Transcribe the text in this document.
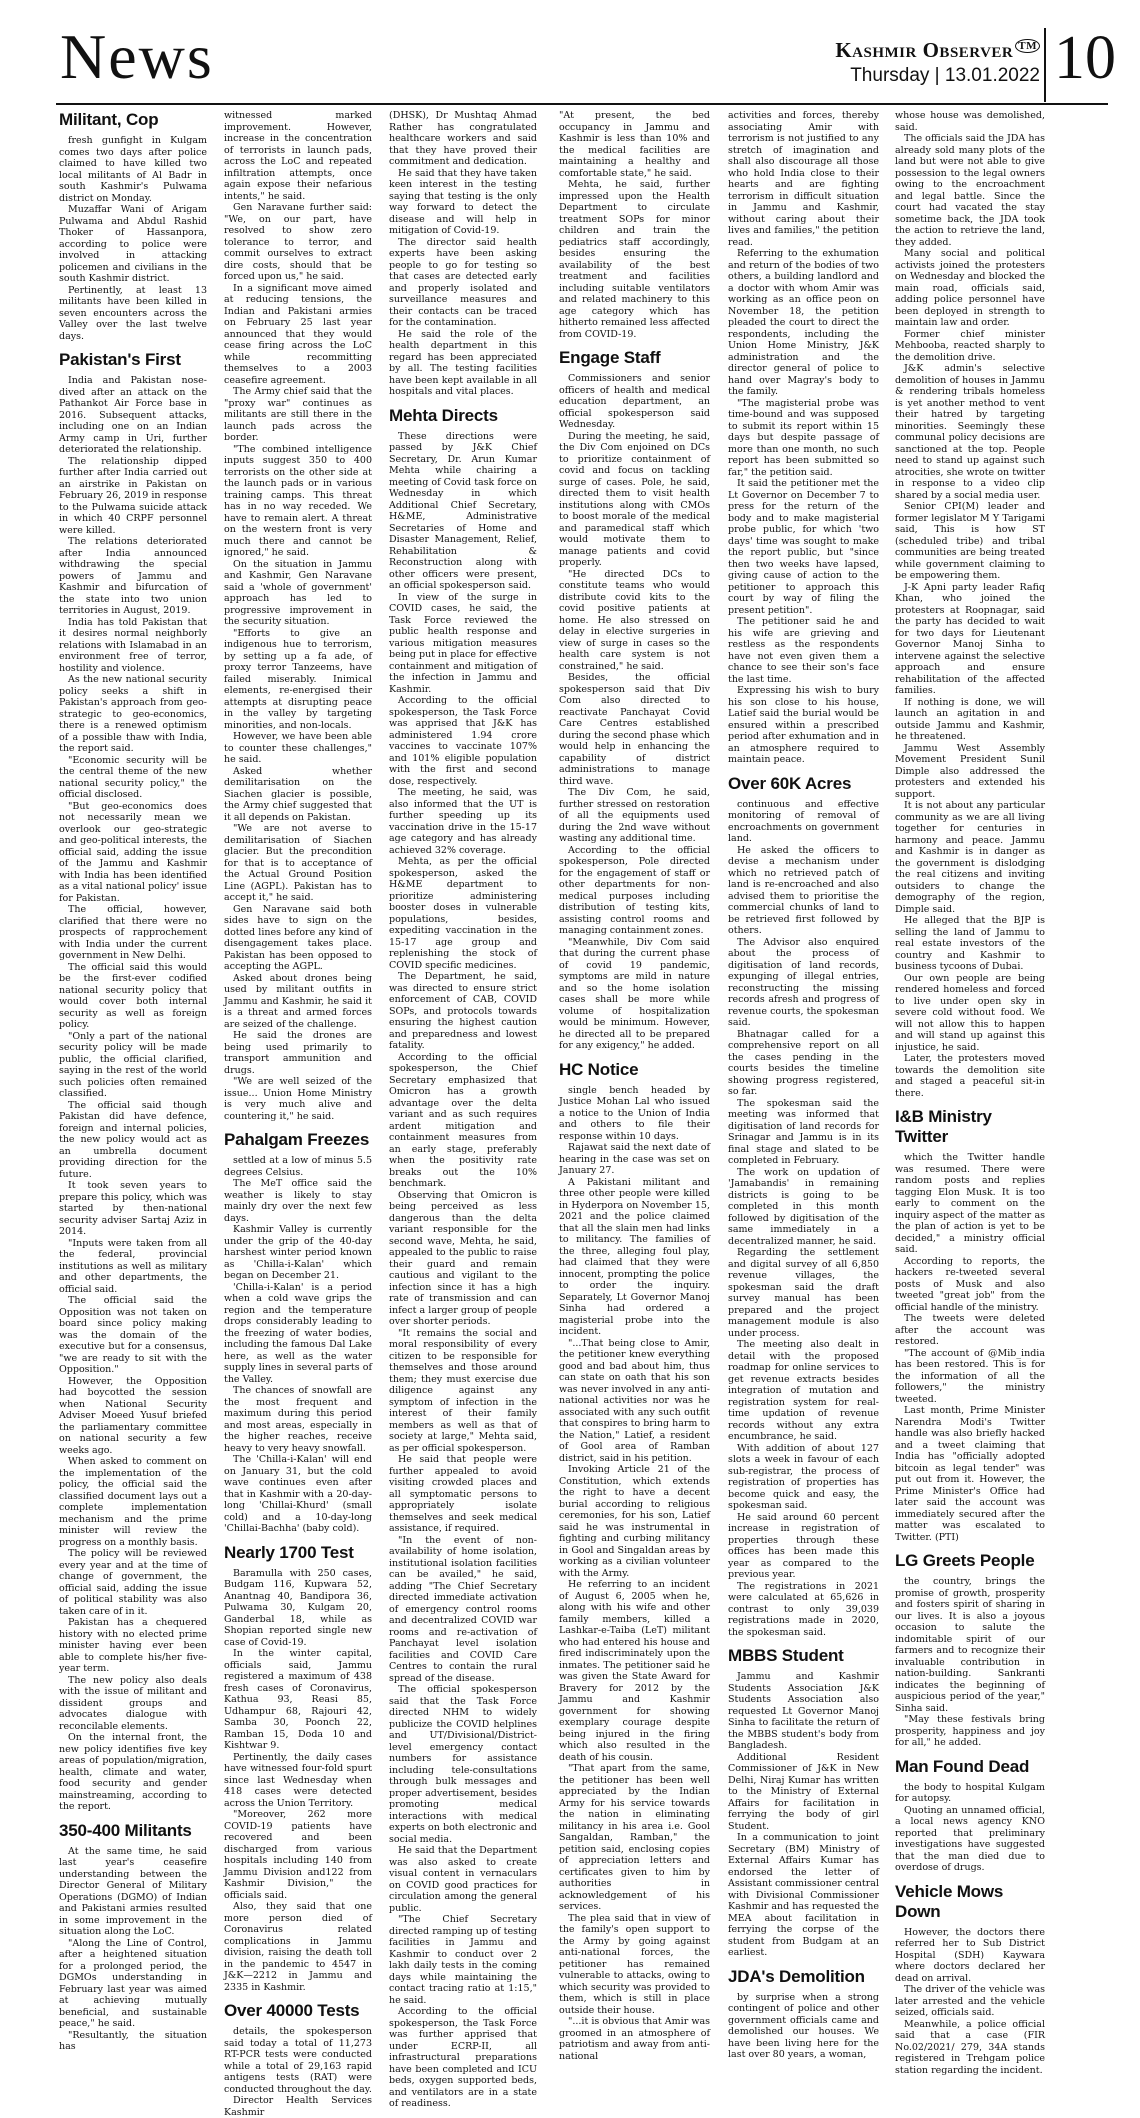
News	Kashmir Observer ™
Thursday | 13.01.2022 10
Militant, Cop

fresh gunfight in Kulgam comes two days after police claimed to have killed two local militants of Al Badr in south Kashmir's Pulwama district on Monday.

Muzaffar Wani of Arigam Pulwama and Abdul Rashid Thoker of Hassanpora, according to police were involved in attacking policemen and civilians in the south Kashmir district.

Pertinently, at least 13 militants have been killed in seven encounters across the Valley over the last twelve days.

Pakistan's First

India and Pakistan nose-dived after an attack on the Pathankot Air Force base in 2016. Subsequent attacks, including one on an Indian Army camp in Uri, further deteriorated the relationship.

The relationship dipped further after India carried out an airstrike in Pakistan on February 26, 2019 in response to the Pulwama suicide attack in which 40 CRPF personnel were killed.

The relations deteriorated after India announced withdrawing the special powers of Jammu and Kashmir and bifurcation of the state into two union territories in August, 2019.

India has told Pakistan that it desires normal neighborly relations with Islamabad in an environment free of terror, hostility and violence.

As the new national security policy seeks a shift in Pakistan's approach from geo-strategic to geo-economics, there is a renewed optimism of a possible thaw with India, the report said.

"Economic security will be the central theme of the new national security policy," the official disclosed.

"But geo-economics does not necessarily mean we overlook our geo-strategic and geo-political interests, the official said, adding the issue of the Jammu and Kashmir with India has been identified as a vital national policy' issue for Pakistan.

The official, however, clarified that there were no prospects of rapprochement with India under the current government in New Delhi.

The official said this would be the first-ever codified national security policy that would cover both internal security as well as foreign policy.

"Only a part of the national security policy will be made public, the official clarified, saying in the rest of the world such policies often remained classified.

The official said though Pakistan did have defence, foreign and internal policies, the new policy would act as an umbrella document providing direction for the future.

It took seven years to prepare this policy, which was started by then-national security adviser Sartaj Aziz in 2014.

"Inputs were taken from all the federal, provincial institutions as well as military and other departments, the official said.

The official said the Opposition was not taken on board since policy making was the domain of the executive but for a consensus, "we are ready to sit with the Opposition."

However, the Opposition had boycotted the session when National Security Adviser Moeed Yusuf briefed the parliamentary committee on national security a few weeks ago.

When asked to comment on the implementation of the policy, the official said the classified document lays out a complete implementation mechanism and the prime minister will review the progress on a monthly basis.

The policy will be reviewed every year and at the time of change of government, the official said, adding the issue of political stability was also taken care of in it.

Pakistan has a chequered history with no elected prime minister having ever been able to complete his/her five-year term.

The new policy also deals with the issue of militant and dissident groups and advocates dialogue with reconcilable elements.

On the internal front, the new policy identifies five key areas of population/migration, health, climate and water, food security and gender mainstreaming, according to the report.

350-400 Militants

At the same time, he said last year's ceasefire understanding between the Director General of Military Operations (DGMO) of Indian and Pakistani armies resulted in some improvement in the situation along the LoC.

"Along the Line of Control, after a heightened situation for a prolonged period, the DGMOs understanding in February last year was aimed at achieving mutually beneficial, and sustainable peace," he said.

"Resultantly, the situation has

witnessed marked improvement. However, increase in the concentration of terrorists in launch pads, across the LoC and repeated infiltration attempts, once again expose their nefarious intents," he said.

Gen Naravane further said: "We, on our part, have resolved to show zero tolerance to terror, and commit ourselves to extract dire costs, should that be forced upon us," he said.

In a significant move aimed at reducing tensions, the Indian and Pakistani armies on February 25 last year announced that they would cease firing across the LoC while recommitting themselves to a 2003 ceasefire agreement.

The Army chief said that the "proxy war" continues as militants are still there in the launch pads across the border.

"The combined intelligence inputs suggest 350 to 400 terrorists on the other side at the launch pads or in various training camps. This threat has in no way receded. We have to remain alert. A threat on the western front is very much there and cannot be ignored," he said.

On the situation in Jammu and Kashmir, Gen Naravane said a 'whole of government' approach has led to progressive improvement in the security situation.

"Efforts to give an indigenous hue to terrorism, by setting up a fa ade, of proxy terror Tanzeems, have failed miserably. Inimical elements, re-energised their attempts at disrupting peace in the valley by targeting minorities, and non-locals.

However, we have been able to counter these challenges," he said.

Asked whether demilitarisation on the Siachen glacier is possible, the Army chief suggested that it all depends on Pakistan.

"We are not averse to demilitarisation of Siachen glacier. But the precondition for that is to acceptance of the Actual Ground Position Line (AGPL). Pakistan has to accept it," he said.

Gen Naravane said both sides have to sign on the dotted lines before any kind of disengagement takes place. Pakistan has been opposed to accepting the AGPL.

Asked about drones being used by militant outfits in Jammu and Kashmir, he said it is a threat and armed forces are seized of the challenge.

He said the drones are being used primarily to transport ammunition and drugs.

"We are well seized of the issue... Union Home Ministry is very much alive and countering it," he said.

Pahalgam Freezes

settled at a low of minus 5.5 degrees Celsius.

The MeT office said the weather is likely to stay mainly dry over the next few days.

Kashmir Valley is currently under the grip of the 40-day harshest winter period known as 'Chilla-i-Kalan' which began on December 21.

'Chilla-i-Kalan' is a period when a cold wave grips the region and the temperature drops considerably leading to the freezing of water bodies, including the famous Dal Lake here, as well as the water supply lines in several parts of the Valley.

The chances of snowfall are the most frequent and maximum during this period and most areas, especially in the higher reaches, receive heavy to very heavy snowfall.

The 'Chilla-i-Kalan' will end on January 31, but the cold wave continues even after that in Kashmir with a 20-day-long 'Chillai-Khurd' (small cold) and a 10-day-long 'Chillai-Bachha' (baby cold).

Nearly 1700 Test

Baramulla with 250 cases, Budgam 116, Kupwara 52, Anantnag 40, Bandipora 36, Pulwama 30, Kulgam 20, Ganderbal 18, while as Shopian reported single new case of Covid-19.

In the winter capital, officials said, Jammu registered a maximum of 438 fresh cases of Coronavirus, Kathua 93, Reasi 85, Udhampur 68, Rajouri 42, Samba 30, Poonch 22, Ramban 15, Doda 10 and Kishtwar 9.

Pertinently, the daily cases have witnessed four-fold spurt since last Wednesday when 418 cases were detected across the Union Territory.

"Moreover, 262 more COVID-19 patients have recovered and been discharged from various hospitals including 140 from Jammu Division and122 from Kashmir Division," the officials said.

Also, they said that one more person died of Coronavirus related complications in Jammu division, raising the death toll in the pandemic to 4547 in J&K—2212 in Jammu and 2335 in Kashmir.

Over 40000 Tests

details, the spokesperson said today a total of 11,273 RT-PCR tests were conducted while a total of 29,163 rapid antigens tests (RAT) were conducted throughout the day.

Director Health Services Kashmir

(DHSK), Dr Mushtaq Ahmad Rather has congratulated healthcare workers and said that they have proved their commitment and dedication.

He said that they have taken keen interest in the testing saying that testing is the only way forward to detect the disease and will help in mitigation of Covid-19.

The director said health experts have been asking people to go for testing so that cases are detected early and properly isolated and surveillance measures and their contacts can be traced for the contamination.

He said the role of the health department in this regard has been appreciated by all. The testing facilities have been kept available in all hospitals and vital places.

Mehta Directs

These directions were passed by J&K Chief Secretary, Dr. Arun Kumar Mehta while chairing a meeting of Covid task force on Wednesday in which Additional Chief Secretary, H&ME, Administrative Secretaries of Home and Disaster Management, Relief, Rehabilitation & Reconstruction along with other officers were present, an official spokesperson said.

In view of the surge in COVID cases, he said, the Task Force reviewed the public health response and various mitigation measures being put in place for effective containment and mitigation of the infection in Jammu and Kashmir.

According to the official spokesperson, the Task Force was apprised that J&K has administered 1.94 crore vaccines to vaccinate 107% and 101% eligible population with the first and second dose, respectively.

The meeting, he said, was also informed that the UT is further speeding up its vaccination drive in the 15-17 age category and has already achieved 32% coverage.

Mehta, as per the official spokesperson, asked the H&ME department to prioritize administering booster doses in vulnerable populations, besides, expediting vaccination in the 15-17 age group and replenishing the stock of COVID specific medicines.

The Department, he said, was directed to ensure strict enforcement of CAB, COVID SOPs, and protocols towards ensuring the highest caution and preparedness and lowest fatality.

According to the official spokesperson, the Chief Secretary emphasized that Omicron has a growth advantage over the delta variant and as such requires ardent mitigation and containment measures from an early stage, preferably when the positivity rate breaks out the 10% benchmark.

Observing that Omicron is being perceived as less dangerous than the delta variant responsible for the second wave, Mehta, he said, appealed to the public to raise their guard and remain cautious and vigilant to the infection since it has a high rate of transmission and can infect a larger group of people over shorter periods.

"It remains the social and moral responsibility of every citizen to be responsible for themselves and those around them; they must exercise due diligence against any symptom of infection in the interest of their family members as well as that of society at large," Mehta said, as per official spokesperson.

He said that people were further appealed to avoid visiting crowded places and all symptomatic persons to appropriately isolate themselves and seek medical assistance, if required.

"In the event of non-availability of home isolation, institutional isolation facilities can be availed," he said, adding "The Chief Secretary directed immediate activation of emergency control rooms and decentralized COVID war rooms and re-activation of Panchayat level isolation facilities and COVID Care Centres to contain the rural spread of the disease.

The official spokesperson said that the Task Force directed NHM to widely publicize the COVID helplines and UT/Divisional/District-level emergency contact numbers for assistance including tele-consultations through bulk messages and proper advertisement, besides promoting medical interactions with medical experts on both electronic and social media.

He said that the Department was also asked to create visual content in vernaculars on COVID good practices for circulation among the general public.

"The Chief Secretary directed ramping up of testing facilities in Jammu and Kashmir to conduct over 2 lakh daily tests in the coming days while maintaining the contact tracing ratio at 1:15," he said.

According to the official spokesperson, the Task Force was further apprised that under ECRP-II, all infrastructural preparations have been completed and ICU beds, oxygen supported beds, and ventilators are in a state of readiness.

"At present, the bed occupancy in Jammu and Kashmir is less than 10% and the medical facilities are maintaining a healthy and comfortable state," he said.

Mehta, he said, further impressed upon the Health Department to circulate treatment SOPs for minor children and train the pediatrics staff accordingly, besides ensuring the availability of the best treatment and facilities including suitable ventilators and related machinery to this age category which has hitherto remained less affected from COVID-19.

Engage Staff

Commissioners and senior officers of health and medical education department, an official spokesperson said Wednesday.

During the meeting, he said, the Div Com enjoined on DCs to prioritize containment of covid and focus on tackling surge of cases. Pole, he said, directed them to visit health institutions along with CMOs to boost morale of the medical and paramedical staff which would motivate them to manage patients and covid properly.

"He directed DCs to constitute teams who would distribute covid kits to the covid positive patients at home. He also stressed on delay in elective surgeries in view of surge in cases so the health care system is not constrained," he said.

Besides, the official spokesperson said that Div Com also directed to reactivate Panchayat Covid Care Centres established during the second phase which would help in enhancing the capability of district administrations to manage third wave.

The Div Com, he said, further stressed on restoration of all the equipments used during the 2nd wave without wasting any additional time.

According to the official spokesperson, Pole directed for the engagement of staff or other departments for non-medical purposes including distribution of testing kits, assisting control rooms and managing containment zones.

"Meanwhile, Div Com said that during the current phase of covid 19 pandemic, symptoms are mild in nature and so the home isolation cases shall be more while volume of hospitalization would be minimum. However, he directed all to be prepared for any exigency," he added.

HC Notice

single bench headed by Justice Mohan Lal who issued a notice to the Union of India and others to file their response within 10 days.

Rajawat said the next date of hearing in the case was set on January 27.

A Pakistani militant and three other people were killed in Hyderpora on November 15, 2021 and the police claimed that all the slain men had links to militancy. The families of the three, alleging foul play, had claimed that they were innocent, prompting the police to order the inquiry. Separately, Lt Governor Manoj Sinha had ordered a magisterial probe into the incident.

"...That being close to Amir, the petitioner knew everything good and bad about him, thus can state on oath that his son was never involved in any anti-national activities nor was he associated with any such outfit that conspires to bring harm to the Nation," Latief, a resident of Gool area of Ramban district, said in his petition.

Invoking Article 21 of the Constitution, which extends the right to have a decent burial according to religious ceremonies, for his son, Latief said he was instrumental in fighting and curbing militancy in Gool and Singaldan areas by working as a civilian volunteer with the Army.

He referring to an incident of August 6, 2005 when he, along with his wife and other family members, killed a Lashkar-e-Taiba (LeT) militant who had entered his house and fired indiscriminately upon the inmates. The petitioner said he was given the State Award for Bravery for 2012 by the Jammu and Kashmir government for showing exemplary courage despite being injured in the firing which also resulted in the death of his cousin.

"That apart from the same, the petitioner has been well appreciated by the Indian Army for his service towards the nation in eliminating militancy in his area i.e. Gool Sangaldan, Ramban," the petition said, enclosing copies of appreciation letters and certificates given to him by authorities in acknowledgement of his services.

The plea said that in view of the family's open support to the Army by going against anti-national forces, the petitioner has remained vulnerable to attacks, owing to which security was provided to them, which is still in place outside their house.

"...it is obvious that Amir was groomed in an atmosphere of patriotism and away from anti-national

activities and forces, thereby associating Amir with terrorism is not justified to any stretch of imagination and shall also discourage all those who hold India close to their hearts and are fighting terrorism in difficult situation in Jammu and Kashmir, without caring about their lives and families," the petition read.

Referring to the exhumation and return of the bodies of two others, a building landlord and a doctor with whom Amir was working as an office peon on November 18, the petition pleaded the court to direct the respondents, including the Union Home Ministry, J&K administration and the director general of police to hand over Magray's body to the family.

"The magisterial probe was time-bound and was supposed to submit its report within 15 days but despite passage of more than one month, no such report has been submitted so far," the petition said.

It said the petitioner met the Lt Governor on December 7 to press for the return of the body and to make magisterial probe public, for which 'two days' time was sought to make the report public, but "since then two weeks have lapsed, giving cause of action to the petitioner to approach this court by way of filing the present petition".

The petitioner said he and his wife are grieving and restless as the respondents have not even given them a chance to see their son's face the last time.

Expressing his wish to bury his son close to his house, Latief said the burial would be ensured within a prescribed period after exhumation and in an atmosphere required to maintain peace.

Over 60K Acres

continuous and effective monitoring of removal of encroachments on government land.

He asked the officers to devise a mechanism under which no retrieved patch of land is re-encroached and also advised them to prioritise the commercial chunks of land to be retrieved first followed by others.

The Advisor also enquired about the process of digitisation of land records, expunging of illegal entries, reconstructing the missing records afresh and progress of revenue courts, the spokesman said.

Bhatnagar called for a comprehensive report on all the cases pending in the courts besides the timeline showing progress registered, so far.

The spokesman said the meeting was informed that digitisation of land records for Srinagar and Jammu is in its final stage and slated to be completed in February.

The work on updation of 'Jamabandis' in remaining districts is going to be completed in this month followed by digitisation of the same immediately in a decentralized manner, he said.

Regarding the settlement and digital survey of all 6,850 revenue villages, the spokesman said the draft survey manual has been prepared and the project management module is also under process.

The meeting also dealt in detail with the proposed roadmap for online services to get revenue extracts besides integration of mutation and registration system for real-time updation of revenue records without any extra encumbrance, he said.

With addition of about 127 slots a week in favour of each sub-registrar, the process of registration of properties has become quick and easy, the spokesman said.

He said around 60 percent increase in registration of properties through these offices has been made this year as compared to the previous year.

The registrations in 2021 were calculated at 65,626 in contrast to only 39,039 registrations made in 2020, the spokesman said.

MBBS Student

Jammu and Kashmir Students Association J&K Students Association also requested Lt Governor Manoj Sinha to facilitate the return of the MBBS student's body from Bangladesh.

Additional Resident Commissioner of J&K in New Delhi, Niraj Kumar has written to the Ministry of External Affairs for facilitation in ferrying the body of girl Student.

In a communication to joint Secretary (BM) Ministry of External Affairs Kumar has endorsed the letter of Assistant commissioner central with Divisional Commissioner Kashmir and has requested the MEA about facilitation in ferrying the corpse of the student from Budgam at an earliest.

JDA's Demolition

by surprise when a strong contingent of police and other government officials came and demolished our houses. We have been living here for the last over 80 years, a woman,

whose house was demolished, said.

The officials said the JDA has already sold many plots of the land but were not able to give possession to the legal owners owing to the encroachment and legal battle. Since the court had vacated the stay sometime back, the JDA took the action to retrieve the land, they added.

Many social and political activists joined the protesters on Wednesday and blocked the main road, officials said, adding police personnel have been deployed in strength to maintain law and order.

Former chief minister Mehbooba, reacted sharply to the demolition drive.

J&K admin's selective demolition of houses in Jammu & rendering tribals homeless is yet another method to vent their hatred by targeting minorities. Seemingly these communal policy decisions are sanctioned at the top. People need to stand up against such atrocities, she wrote on twitter in response to a video clip shared by a social media user.

Senior CPI(M) leader and former legislator M Y Tarigami said, This is how ST (scheduled tribe) and tribal communities are being treated while government claiming to be empowering them.

J-K Apni party leader Rafiq Khan, who joined the protesters at Roopnagar, said the party has decided to wait for two days for Lieutenant Governor Manoj Sinha to intervene against the selective approach and ensure rehabilitation of the affected families.

If nothing is done, we will launch an agitation in and outside Jammu and Kashmir, he threatened.

Jammu West Assembly Movement President Sunil Dimple also addressed the protesters and extended his support.

It is not about any particular community as we are all living together for centuries in harmony and peace. Jammu and Kashmir is in danger as the government is dislodging the real citizens and inviting outsiders to change the demography of the region, Dimple said.

He alleged that the BJP is selling the land of Jammu to real estate investors of the country and Kashmir to business tycoons of Dubai.

Our own people are being rendered homeless and forced to live under open sky in severe cold without food. We will not allow this to happen and will stand up against this injustice, he said.

Later, the protesters moved towards the demolition site and staged a peaceful sit-in there.

I&B Ministry Twitter

which the Twitter handle was resumed. There were random posts and replies tagging Elon Musk. It is too early to comment on the inquiry aspect of the matter as the plan of action is yet to be decided," a ministry official said.

According to reports, the hackers re-tweeted several posts of Musk and also tweeted "great job" from the official handle of the ministry.

The tweets were deleted after the account was restored.

"The account of @Mib_india has been restored. This is for the information of all the followers," the ministry tweeted.

Last month, Prime Minister Narendra Modi's Twitter handle was also briefly hacked and a tweet claiming that India has "officially adopted bitcoin as legal tender" was put out from it. However, the Prime Minister's Office had later said the account was immediately secured after the matter was escalated to Twitter. (PTI)

LG Greets People

the country, brings the promise of growth, prosperity and fosters spirit of sharing in our lives. It is also a joyous occasion to salute the indomitable spirit of our farmers and to recognize their invaluable contribution in nation-building. Sankranti indicates the beginning of auspicious period of the year," Sinha said.

"May these festivals bring prosperity, happiness and joy for all," he added.

Man Found Dead

the body to hospital Kulgam for autopsy.

Quoting an unnamed official, a local news agency KNO reported that preliminary investigations have suggested that the man died due to overdose of drugs.

Vehicle Mows Down

However, the doctors there referred her to Sub District Hospital (SDH) Kaywara where doctors declared her dead on arrival.

The driver of the vehicle was later arrested and the vehicle seized, officials said.

Meanwhile, a police official said that a case (FIR No.02/2021/ 279, 34A stands registered in Trehgam police station regarding the incident.
